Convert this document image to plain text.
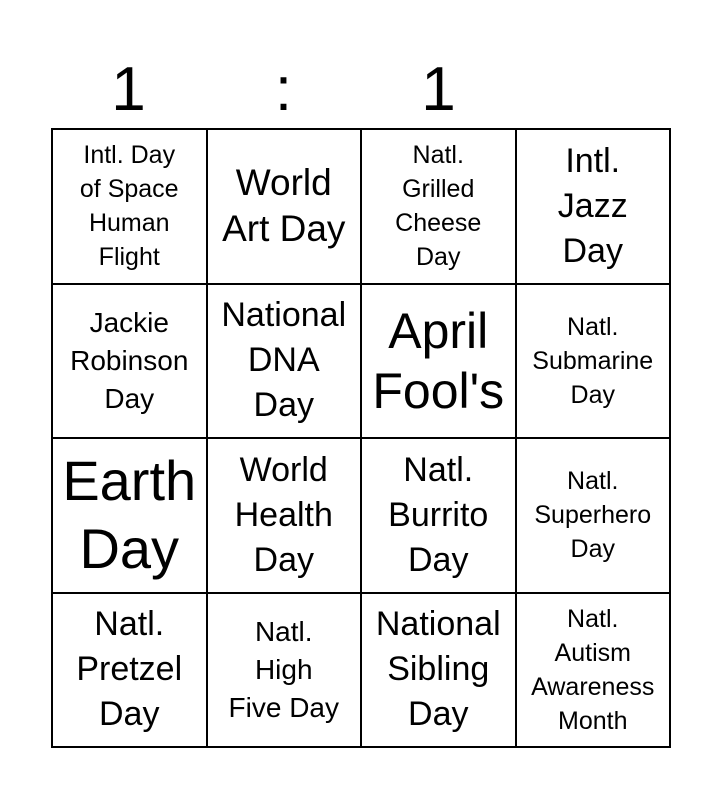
1	:	1
Intl. Day
of Space
Human
Flight
World
Art Day
Natl.
Grilled
Cheese
Day
Intl.
Jazz
Day
Jackie
Robinson
Day
National
DNA
Day
April
Fool's
Natl.
Submarine
Day
Earth
Day
World
Health
Day
Natl.
Burrito
Day
Natl.
Superhero
Day
Natl.
Pretzel
Day
Natl.
High
Five Day
National
Sibling
Day
Natl.
Autism
Awareness
Month
